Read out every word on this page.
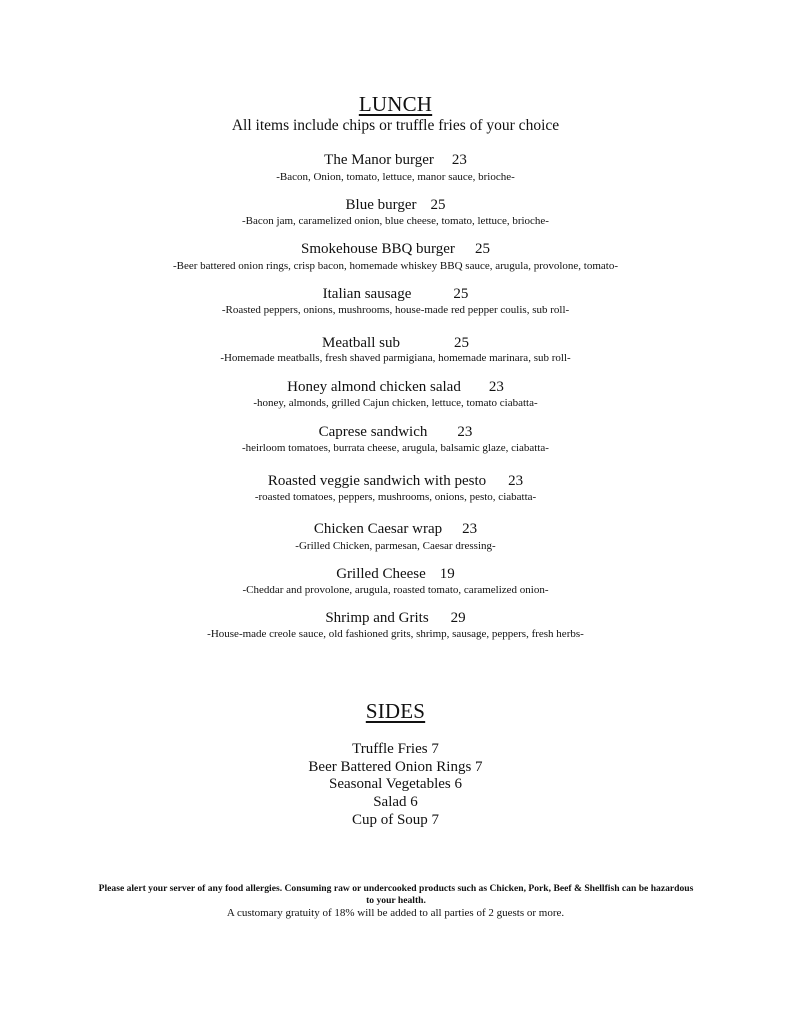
LUNCH
All items include chips or truffle fries of your choice
The Manor burger 23
-Bacon, Onion, tomato, lettuce, manor sauce, brioche-
Blue burger 25
-Bacon jam, caramelized onion, blue cheese, tomato, lettuce, brioche-
Smokehouse BBQ burger 25
-Beer battered onion rings, crisp bacon, homemade whiskey BBQ sauce, arugula, provolone, tomato-
Italian sausage	25
-Roasted peppers, onions, mushrooms, house-made red pepper coulis, sub roll-
Meatball sub	25
-Homemade meatballs, fresh shaved parmigiana, homemade marinara, sub roll-
Honey almond chicken salad 23
-honey, almonds, grilled Cajun chicken, lettuce, tomato ciabatta-
Caprese sandwich 23
-heirloom tomatoes, burrata cheese, arugula, balsamic glaze, ciabatta-
Roasted veggie sandwich with pesto 23
-roasted tomatoes, peppers, mushrooms, onions, pesto, ciabatta-
Chicken Caesar wrap 23
-Grilled Chicken, parmesan, Caesar dressing-
Grilled Cheese 19
-Cheddar and provolone, arugula, roasted tomato, caramelized onion-
Shrimp and Grits 29
-House-made creole sauce, old fashioned grits, shrimp, sausage, peppers, fresh herbs-
SIDES
Truffle Fries 7
Beer Battered Onion Rings 7
Seasonal Vegetables 6
Salad 6
Cup of Soup 7
Please alert your server of any food allergies. Consuming raw or undercooked products such as Chicken, Pork, Beef & Shellfish can be hazardous to your health.
A customary gratuity of 18% will be added to all parties of 2 guests or more.
